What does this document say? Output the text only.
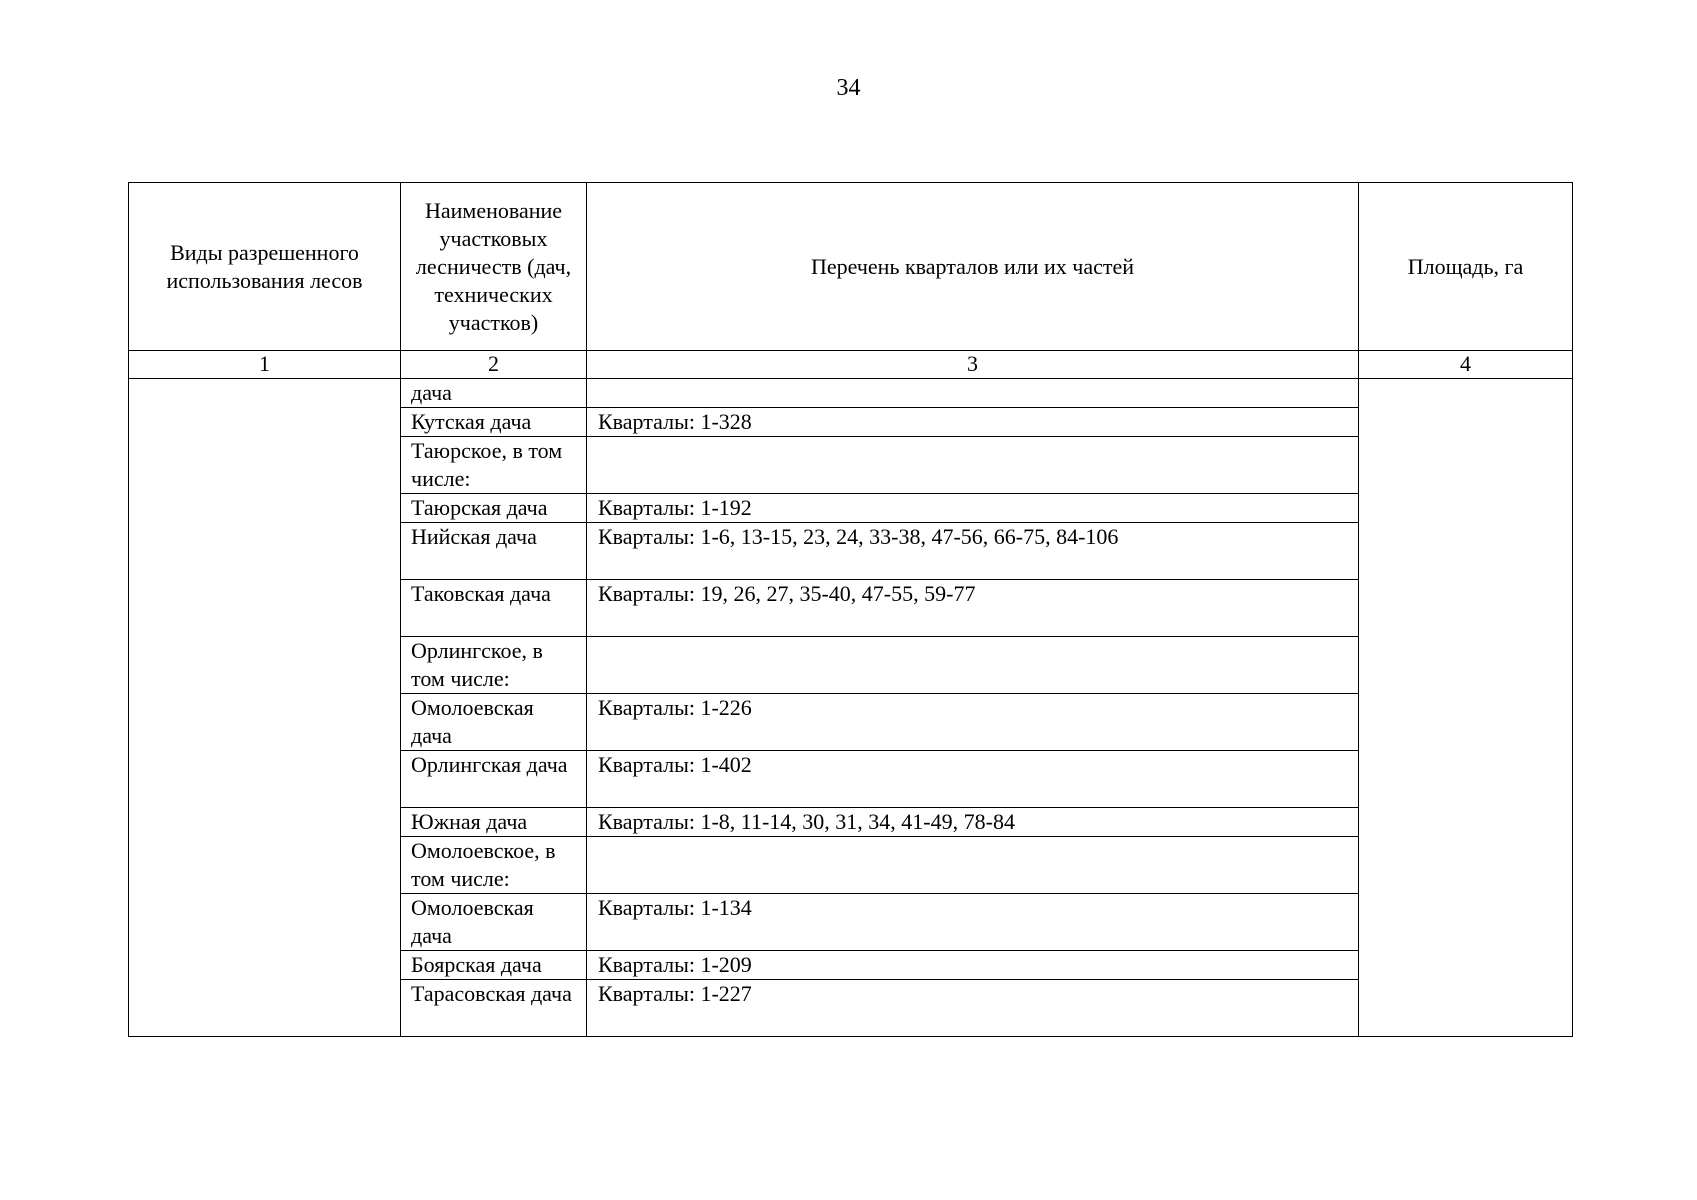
34
Виды разрешенного использования лесов	Наименование участковых лесничеств (дач, технических участков)	Перечень кварталов или их частей	Площадь, га
1	2	3	4
	дача		
	Кутская дача	Кварталы: 1-328	
	Таюрское, в том числе:		
	Таюрская дача	Кварталы: 1-192	
	Нийская дача	Кварталы: 1-6, 13-15, 23, 24, 33-38, 47-56, 66-75, 84-106	
	Таковская дача	Кварталы: 19, 26, 27, 35-40, 47-55, 59-77	
	Орлингское, в том числе:		
	Омолоевская дача	Кварталы: 1-226	
	Орлингская дача	Кварталы: 1-402	
	Южная дача	Кварталы: 1-8, 11-14, 30, 31, 34, 41-49, 78-84	
	Омолоевское, в том числе:		
	Омолоевская дача	Кварталы: 1-134	
	Боярская дача	Кварталы: 1-209	
	Тарасовская дача	Кварталы: 1-227	
